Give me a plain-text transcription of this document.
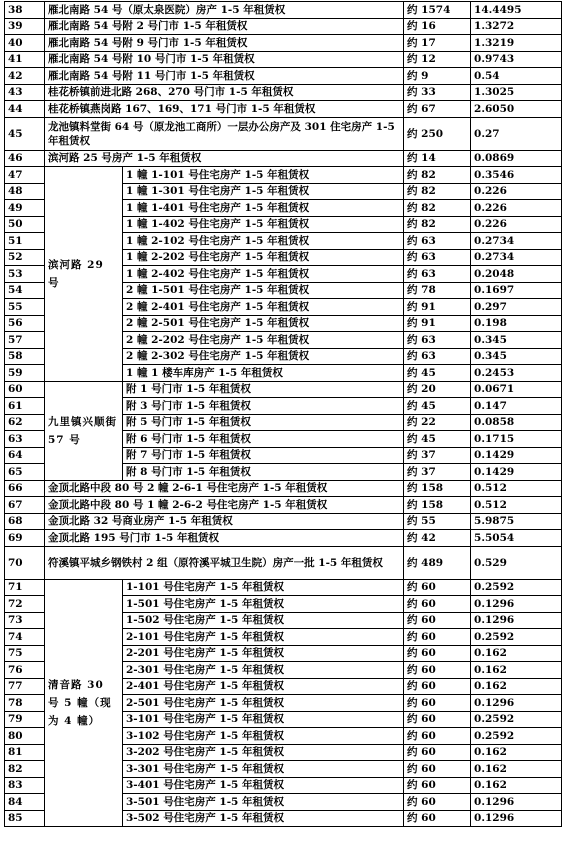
38	雁北南路 54 号（原太泉医院）房产 1-5 年租赁权		约 1574	14.4495
39	雁北南路 54 号附 2 号门市 1-5 年租赁权		约 16	1.3272
40	雁北南路 54 号附 9 号门市 1-5 年租赁权		约 17	1.3219
41	雁北南路 54 号附 10 号门市 1-5 年租赁权		约 12	0.9743
42	雁北南路 54 号附 11 号门市 1-5 年租赁权		约 9	0.54
43	桂花桥镇前进北路 268、270 号门市 1-5 年租赁权		约 33	1.3025
44	桂花桥镇燕岗路 167、169、171 号门市 1-5 年租赁权		约 67	2.6050
45	龙池镇料堂街 64 号（原龙池工商所）一层办公房产及 301 住宅房产 1-5 年租赁权		约 250	0.27
46	滨河路 25 号房产 1-5 年租赁权		约 14	0.0869
47	滨河路 29 号	1 幢 1-101 号住宅房产 1-5 年租赁权	约 82	0.3546
48		1 幢 1-301 号住宅房产 1-5 年租赁权	约 82	0.226
49		1 幢 1-401 号住宅房产 1-5 年租赁权	约 82	0.226
50		1 幢 1-402 号住宅房产 1-5 年租赁权	约 82	0.226
51		1 幢 2-102 号住宅房产 1-5 年租赁权	约 63	0.2734
52		1 幢 2-202 号住宅房产 1-5 年租赁权	约 63	0.2734
53		1 幢 2-402 号住宅房产 1-5 年租赁权	约 63	0.2048
54		2 幢 1-501 号住宅房产 1-5 年租赁权	约 78	0.1697
55		2 幢 2-401 号住宅房产 1-5 年租赁权	约 91	0.297
56		2 幢 2-501 号住宅房产 1-5 年租赁权	约 91	0.198
57		2 幢 2-202 号住宅房产 1-5 年租赁权	约 63	0.345
58		2 幢 2-302 号住宅房产 1-5 年租赁权	约 63	0.345
59		1 幢 1 楼车库房产 1-5 年租赁权	约 45	0.2453
60	九里镇兴顺街 57 号	附 1 号门市 1-5 年租赁权	约 20	0.0671
61		附 3 号门市 1-5 年租赁权	约 45	0.147
62		附 5 号门市 1-5 年租赁权	约 22	0.0858
63		附 6 号门市 1-5 年租赁权	约 45	0.1715
64		附 7 号门市 1-5 年租赁权	约 37	0.1429
65		附 8 号门市 1-5 年租赁权	约 37	0.1429
66	金顶北路中段 80 号 2 幢 2-6-1 号住宅房产 1-5 年租赁权		约 158	0.512
67	金顶北路中段 80 号 1 幢 2-6-2 号住宅房产 1-5 年租赁权		约 158	0.512
68	金顶北路 32 号商业房产 1-5 年租赁权		约 55	5.9875
69	金顶北路 195 号门市 1-5 年租赁权		约 42	5.5054
70	符溪镇平城乡钢铁村 2 组（原符溪平城卫生院）房产一批 1-5 年租赁权		约 489	0.529
71	清音路 30 号 5 幢（现为 4 幢）	1-101 号住宅房产 1-5 年租赁权	约 60	0.2592
72		1-501 号住宅房产 1-5 年租赁权	约 60	0.1296
73		1-502 号住宅房产 1-5 年租赁权	约 60	0.1296
74		2-101 号住宅房产 1-5 年租赁权	约 60	0.2592
75		2-201 号住宅房产 1-5 年租赁权	约 60	0.162
76		2-301 号住宅房产 1-5 年租赁权	约 60	0.162
77		2-401 号住宅房产 1-5 年租赁权	约 60	0.162
78		2-501 号住宅房产 1-5 年租赁权	约 60	0.1296
79		3-101 号住宅房产 1-5 年租赁权	约 60	0.2592
80		3-102 号住宅房产 1-5 年租赁权	约 60	0.2592
81		3-202 号住宅房产 1-5 年租赁权	约 60	0.162
82		3-301 号住宅房产 1-5 年租赁权	约 60	0.162
83		3-401 号住宅房产 1-5 年租赁权	约 60	0.162
84		3-501 号住宅房产 1-5 年租赁权	约 60	0.1296
85		3-502 号住宅房产 1-5 年租赁权	约 60	0.1296
